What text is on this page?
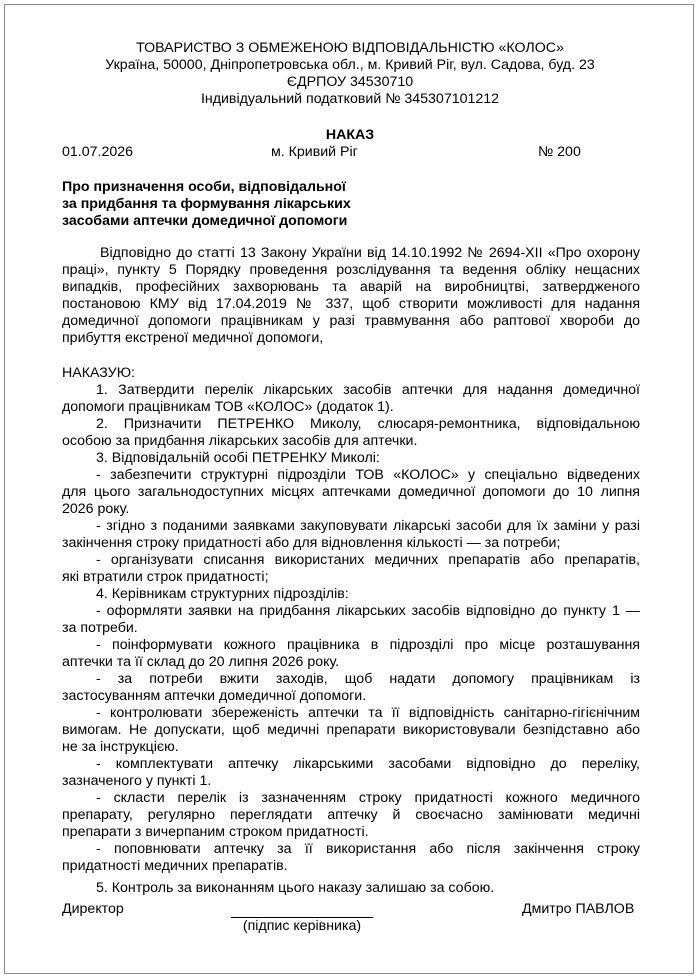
ТОВАРИСТВО З ОБМЕЖЕНОЮ ВІДПОВІДАЛЬНІСТЮ «КОЛОС»
Україна, 50000, Дніпропетровська обл., м. Кривий Ріг, вул. Садова, буд. 23
ЄДРПОУ 34530710
Індивідуальний податковий № 345307101212
НАКАЗ
01.07.2026	м. Кривий Ріг	№ 200
Про призначення особи, відповідальної
за придбання та формування лікарських
засобами аптечки домедичної допомоги
Відповідно до статті 13 Закону України від 14.10.1992 № 2694-XII «Про охорону
праці», пункту 5 Порядку проведення розслідування та ведення обліку нещасних
випадків, професійних захворювань та аварій на виробництві, затвердженого
постановою КМУ від 17.04.2019 № 337, щоб створити можливості для надання
домедичної допомоги працівникам у разі травмування або раптової хвороби до
прибуття екстреної медичної допомоги,
НАКАЗУЮ:
1. Затвердити перелік лікарських засобів аптечки для надання домедичної
допомоги працівникам ТОВ «КОЛОС» (додаток 1).
2. Призначити ПЕТРЕНКО Миколу, слюсаря-ремонтника, відповідальною
особою за придбання лікарських засобів для аптечки.
3. Відповідальній особі ПЕТРЕНКУ Миколі:
- забезпечити структурні підрозділи ТОВ «КОЛОС» у спеціально відведених
для цього загальнодоступних місцях аптечками домедичної допомоги до 10 липня
2026 року.
- згідно з поданими заявками закуповувати лікарські засоби для їх заміни у разі
закінчення строку придатності або для відновлення кількості — за потреби;
- організувати списання використаних медичних препаратів або препаратів,
які втратили строк придатності;
4. Керівникам структурних підрозділів:
- оформляти заявки на придбання лікарських засобів відповідно до пункту 1 —
за потреби.
- поінформувати кожного працівника в підрозділі про місце розташування
аптечки та її склад до 20 липня 2026 року.
- за потреби вжити заходів, щоб надати допомогу працівникам із
застосуванням аптечки домедичної допомоги.
- контролювати збереженість аптечки та її відповідність санітарно-гігієнічним
вимогам. Не допускати, щоб медичні препарати використовували безпідставно або
не за інструкцією.
- комплектувати аптечку лікарськими засобами відповідно до переліку,
зазначеного у пункті 1.
- скласти перелік із зазначенням строку придатності кожного медичного
препарату, регулярно переглядати аптечку й своєчасно замінювати медичні
препарати з вичерпаним строком придатності.
- поповнювати аптечку за її використання або після закінчення строку
придатності медичних препаратів.
5. Контроль за виконанням цього наказу залишаю за собою.
Директор	Дмитро ПАВЛОВ
(підпис керівника)
